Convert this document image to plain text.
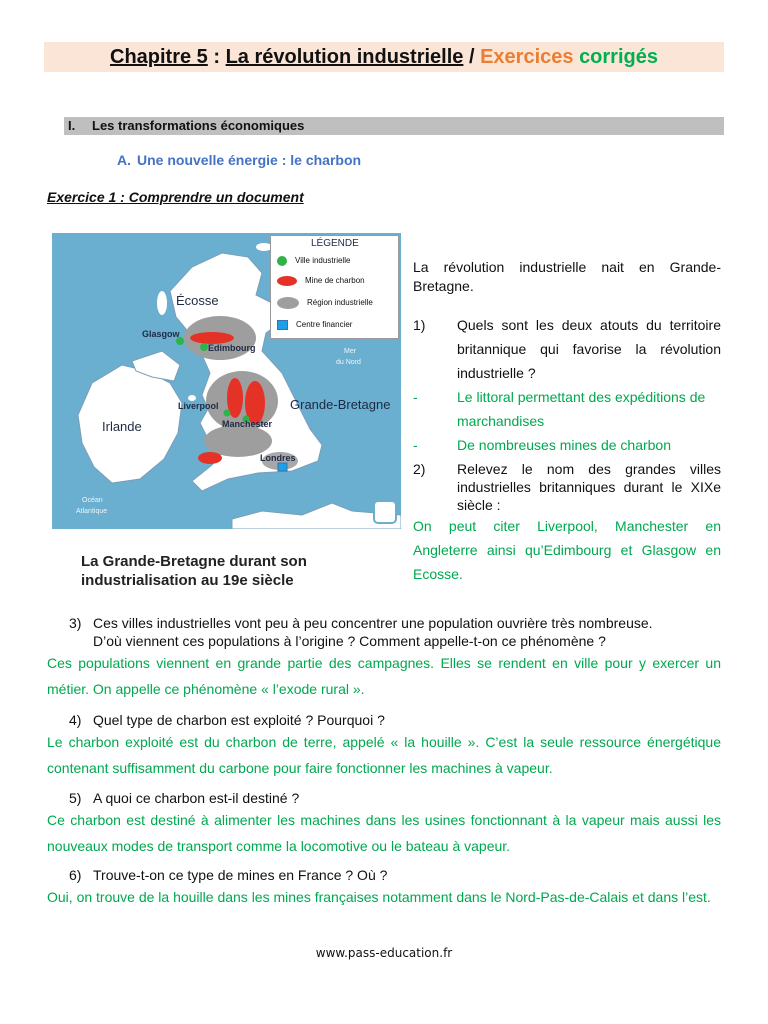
Chapitre 5 : La révolution industrielle / Exercices corrigés
I. Les transformations économiques
A. Une nouvelle énergie : le charbon
Exercice 1 : Comprendre un document
Écosse
Glasgow
Edimbourg	Mer
du Nord
Irlande
Liverpool
Manchester
Grande-Bretagne
Londres
Océan
Atlantique
LÉGENDE
Ville industrielle
Mine de charbon
Région industrielle
Centre financier
La Grande-Bretagne durant son
industrialisation au 19e siècle
La révolution industrielle nait en Grande-Bretagne.
1)	Quels sont les deux atouts du territoire britannique qui favorise la révolution industrielle ?
-	Le littoral permettant des expéditions de marchandises
-	De nombreuses mines de charbon
2)	Relevez le nom des grandes villes industrielles britanniques durant le XIXe siècle :
On peut citer Liverpool, Manchester en Angleterre ainsi qu’Edimbourg et Glasgow en Ecosse.
3) Ces villes industrielles vont peu à peu concentrer une population ouvrière très nombreuse.
D’où viennent ces populations à l’origine ? Comment appelle-t-on ce phénomène ?
Ces populations viennent en grande partie des campagnes. Elles se rendent en ville pour y exercer un métier. On appelle ce phénomène « l’exode rural ».
4) Quel type de charbon est exploité ? Pourquoi ?
Le charbon exploité est du charbon de terre, appelé « la houille ». C’est la seule ressource énergétique contenant suffisamment du carbone pour faire fonctionner les machines à vapeur.
5) A quoi ce charbon est-il destiné ?
Ce charbon est destiné à alimenter les machines dans les usines fonctionnant à la vapeur mais aussi les nouveaux modes de transport comme la locomotive ou le bateau à vapeur.
6) Trouve-t-on ce type de mines en France ? Où ?
Oui, on trouve de la houille dans les mines françaises notamment dans le Nord-Pas-de-Calais et dans l’est.
www.pass-education.fr
